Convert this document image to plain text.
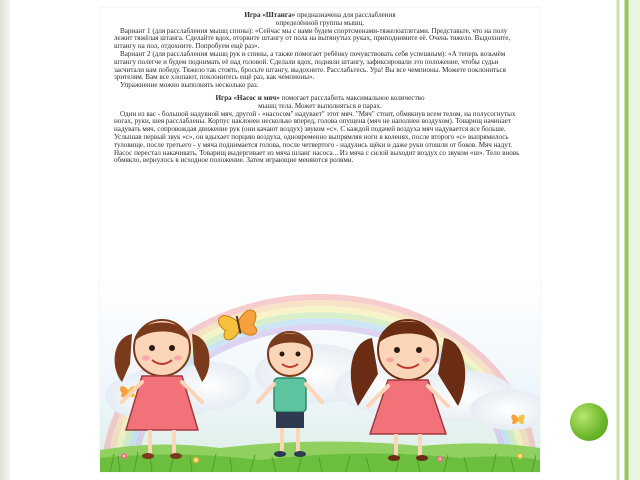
Игра «Штанга» предназначена для расслабления
определённой группы мышц.
Вариант 1 (для расслабления мышц спины): «Сейчас мы с вами будем спортсменами-тяжелоатлетами. Представьте, что на полу лежит тяжёлая штанга. Сделайте вдох, оторвите штангу от пола на вытянутых руках, приподнимите её. Очень тяжело. Выдохните, штангу на пол, отдохните. Попробуем ещё раз».
Вариант 2 (для расслабления мышц рук и спины, а также помогает ребёнку почувствовать себя успешным): «А теперь возьмём штангу полегче и будем поднимать её над головой. Сделали вдох, подняли штангу, зафиксировали это положение, чтобы судьи засчитали вам победу. Тяжело так стоять, бросьте штангу, выдохните. Расслабьтесь. Ура! Вы все чемпионы. Можете поклониться зрителям. Вам все хлопают, поклонитесь ещё раз, как чемпионы».
Упражнение можно выполнять несколько раз.
Игра «Насос и мяч» помогает расслабить максимальное количество
мышц тела. Может выполняться в парах.
Один из вас - большой надувной мяч, другой - «насосом" надувает" этот мяч. "Мяч" стоит, обмякнув всем телом, на полусогнутых ногах, руки, шея расслаблены. Корпус наклонен несколько вперед, голова опущена (мяч не наполнен воздухом). Товарищ начинает надувать мяч, сопровождая движение рук (они качают воздух) звуком «с». С каждой подачей воздуха мяч надувается все больше. Услышав первый звук «с», он вдыхает порцию воздуха, одновременно выпрямляя ноги в коленях, после второго «с» выпрямилось туловище, после третьего - у мяча поднимается голова, после четвертого - надулись щёки и даже руки отошли от боков. Мяч надут. Насос перестал накачивать. Товарищ выдергивает из мяча шланг насоса... Из мяча с силой выходит воздух со звуком «ш». Тело вновь обмякло, вернулось в исходное положение. Затем играющие меняются ролями.
